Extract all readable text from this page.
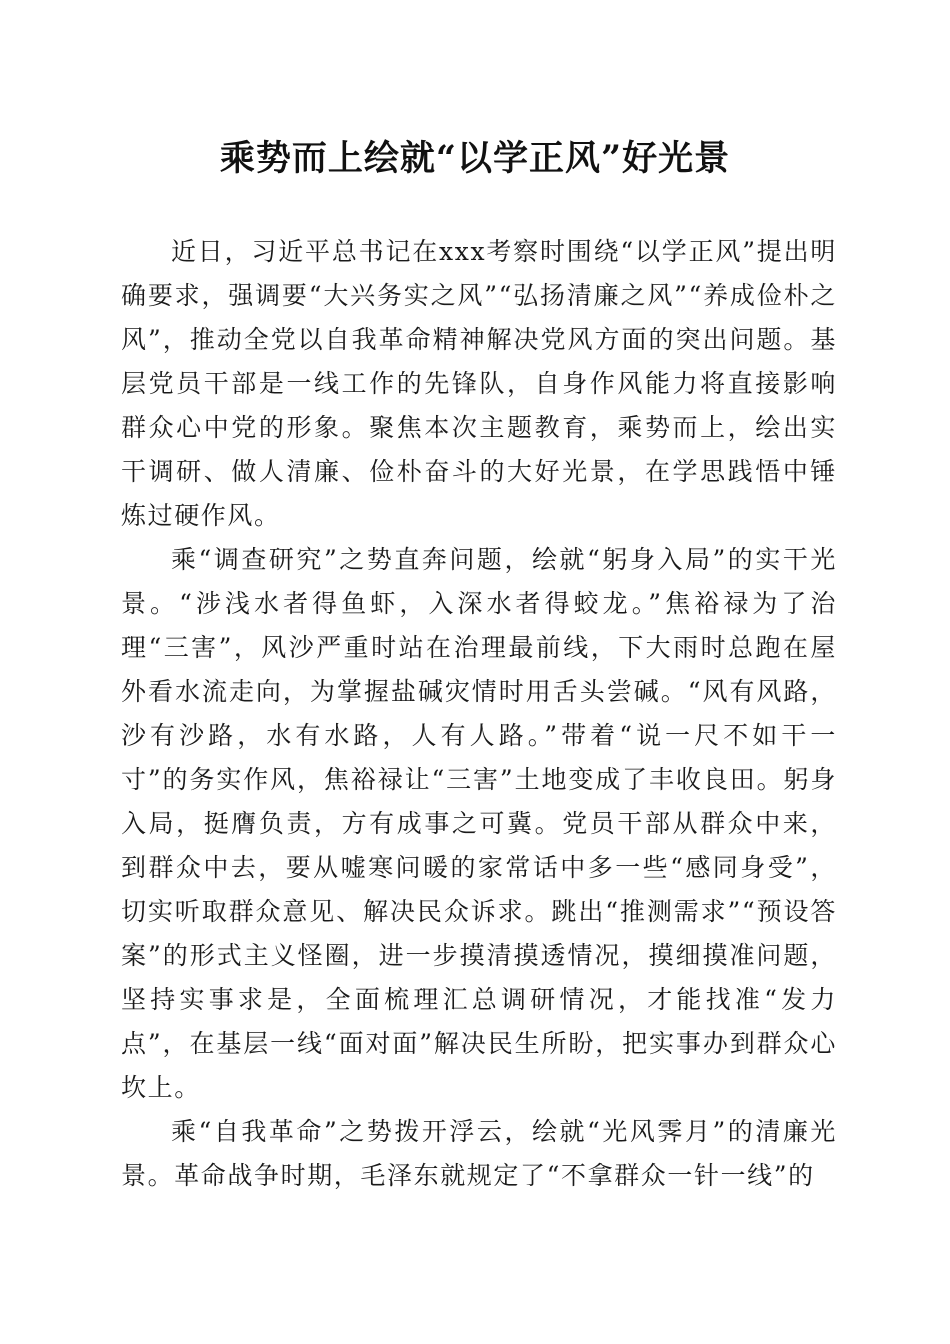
乘势而上绘就“以学正风”好光景

近日，习近平总书记在xxx考察时围绕“以学正风”提出明确要求，强调要“大兴务实之风”“弘扬清廉之风”“养成俭朴之风”，推动全党以自我革命精神解决党风方面的突出问题。基层党员干部是一线工作的先锋队，自身作风能力将直接影响群众心中党的形象。聚焦本次主题教育，乘势而上，绘出实干调研、做人清廉、俭朴奋斗的大好光景，在学思践悟中锤炼过硬作风。

乘“调查研究”之势直奔问题，绘就“躬身入局”的实干光景。“涉浅水者得鱼虾，入深水者得蛟龙。”焦裕禄为了治理“三害”，风沙严重时站在治理最前线，下大雨时总跑在屋外看水流走向，为掌握盐碱灾情时用舌头尝碱。“风有风路，沙有沙路，水有水路，人有人路。”带着“说一尺不如干一寸”的务实作风，焦裕禄让“三害”土地变成了丰收良田。躬身入局，挺膺负责，方有成事之可冀。党员干部从群众中来，到群众中去，要从嘘寒问暖的家常话中多一些“感同身受”，切实听取群众意见、解决民众诉求。跳出“推测需求”“预设答案”的形式主义怪圈，进一步摸清摸透情况，摸细摸准问题，坚持实事求是，全面梳理汇总调研情况，才能找准“发力点”，在基层一线“面对面”解决民生所盼，把实事办到群众心坎上。

乘“自我革命”之势拨开浮云，绘就“光风霁月”的清廉光景。革命战争时期，毛泽东就规定了“不拿群众一针一线”的
